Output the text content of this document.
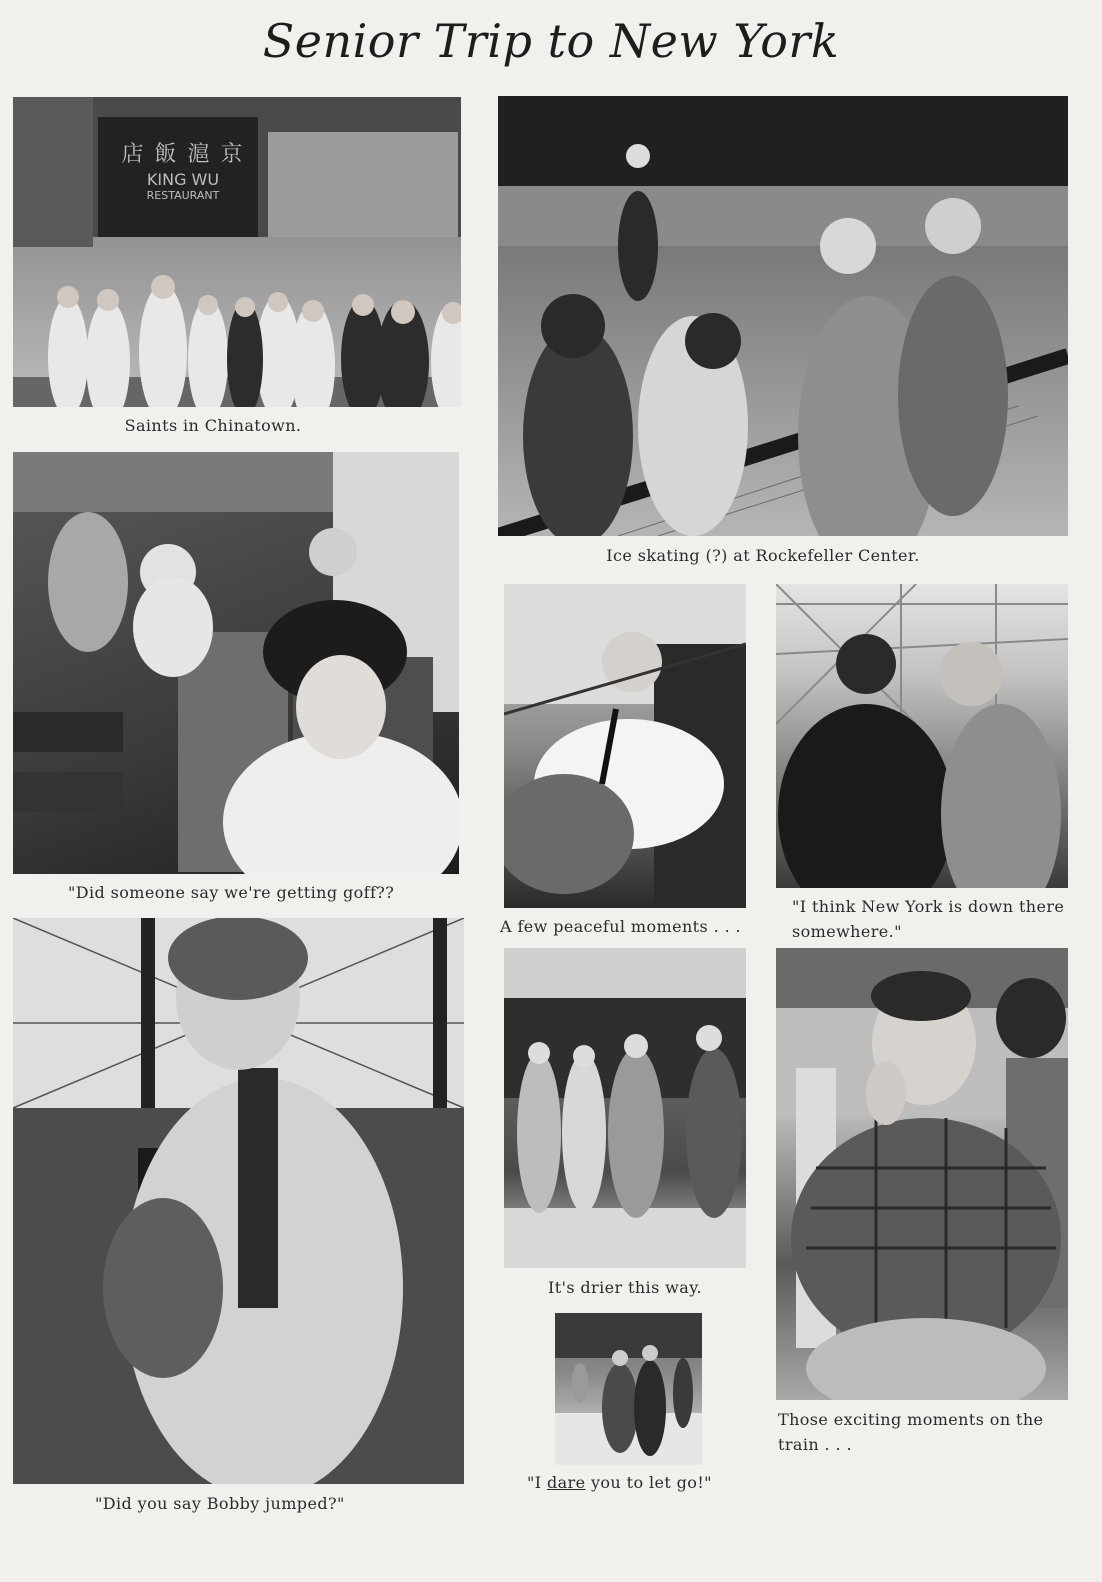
Senior Trip to New York
店 飯 滬 京
KING WU
RESTAURANT
Saints in Chinatown.
Ice skating (?) at Rockefeller Center.
"Did someone say we're getting goff??
A few peaceful moments . . .
"I think New York is down there
somewhere."
"Did you say Bobby jumped?"
It's drier this way.
"I dare you to let go!"
Those exciting moments on the
train . . .
